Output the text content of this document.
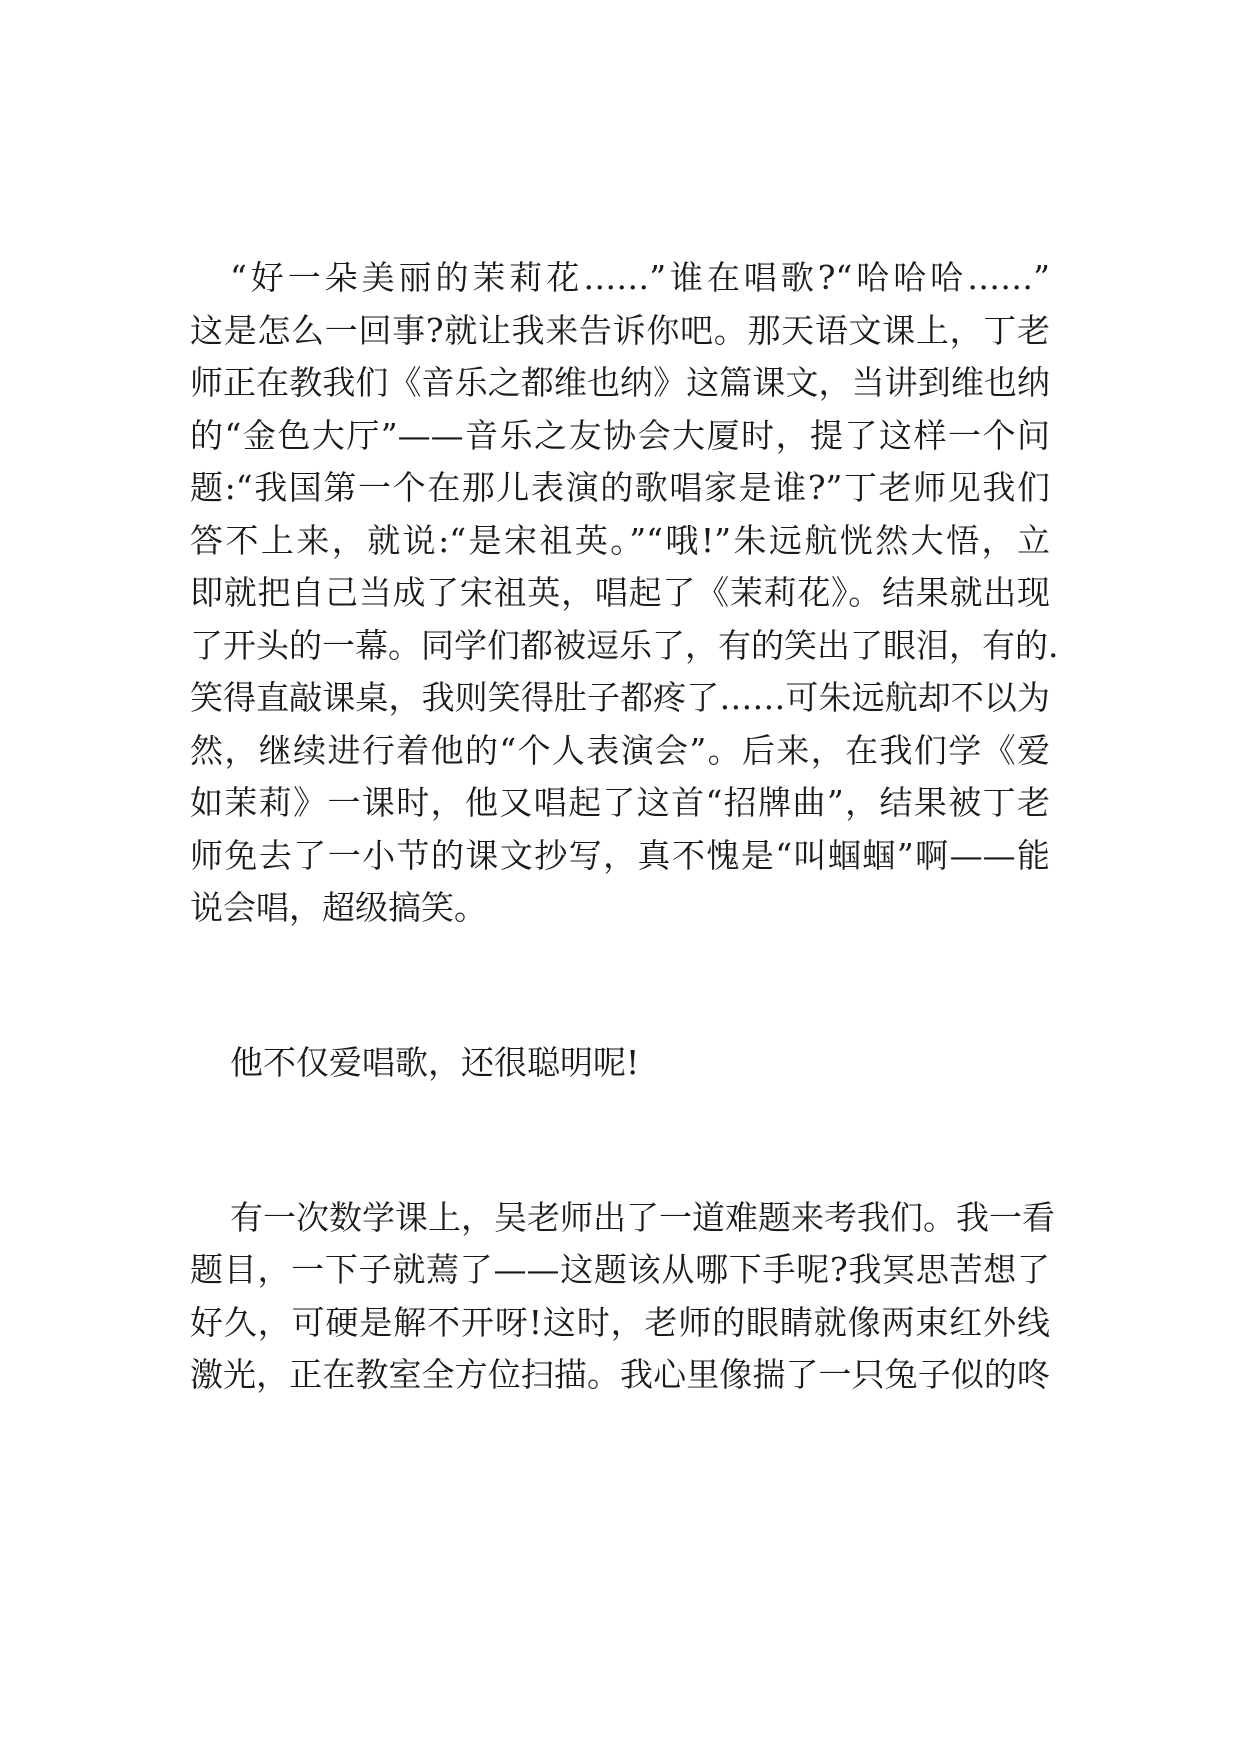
“好一朵美丽的茉莉花……”谁在唱歌?“哈哈哈……”
这是怎么一回事?就让我来告诉你吧。那天语文课上，丁老
师正在教我们《音乐之都维也纳》这篇课文，当讲到维也纳
的“金色大厅”——音乐之友协会大厦时，提了这样一个问
题:“我国第一个在那儿表演的歌唱家是谁?”丁老师见我们
答不上来，就说:“是宋祖英。”“哦!”朱远航恍然大悟，立
即就把自己当成了宋祖英，唱起了《茉莉花》。结果就出现
了开头的一幕。同学们都被逗乐了，有的笑出了眼泪，有的.
笑得直敲课桌，我则笑得肚子都疼了……可朱远航却不以为
然，继续进行着他的“个人表演会”。后来，在我们学《爱
如茉莉》一课时，他又唱起了这首“招牌曲”，结果被丁老
师免去了一小节的课文抄写，真不愧是“叫蝈蝈”啊——能
说会唱，超级搞笑。
他不仅爱唱歌，还很聪明呢!
有一次数学课上，吴老师出了一道难题来考我们。我一看
题目，一下子就蔫了——这题该从哪下手呢?我冥思苦想了
好久，可硬是解不开呀!这时，老师的眼睛就像两束红外线
激光，正在教室全方位扫描。我心里像揣了一只兔子似的咚
